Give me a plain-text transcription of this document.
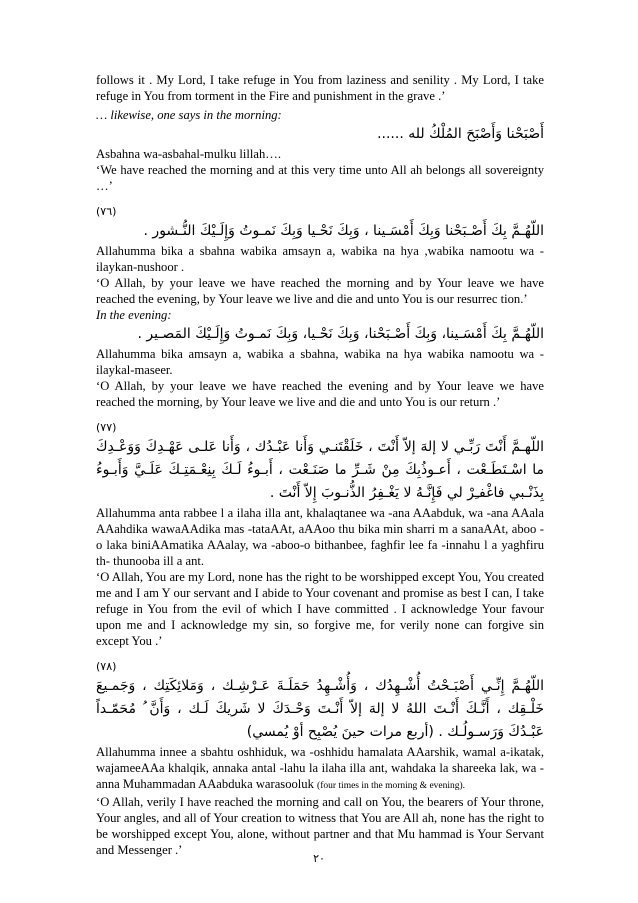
follows it . My Lord, I take refuge in You from laziness and senility . My Lord, I take refuge in You from torment in the Fire and punishment in the grave .’

… likewise, one says in the morning:

أَصْبَحْنا وَأَصْبَحَ المُلْكُ لله ......

Asbahna wa-asbahal-mulku lillah….

‘We have reached the morning and at this very time unto All ah belongs all sovereignty …’

(٧٦)

اللّهُـمَّ بِكَ أَصْـبَحْنا وَبِكَ أَمْسَـينا ، وَبِكَ نَحْـيا وَبِكَ نَمـوتُ وَإِلَـيْكَ النُّـشور .

Allahumma bika a sbahna wabika amsayn a, wabika na hya ,wabika namootu wa - ilaykan-nushoor .

‘O Allah, by your leave we have reached the morning and by Your leave we have reached the evening, by Your leave we live and die and unto You is our resurrec tion.’

In the evening:

اللّهُـمَّ بِكَ أَمْسَـينا، وَبِكَ أَصْـبَحْنا، وَبِكَ نَحْـيا، وَبِكَ نَمـوتُ وَإِلَـيْكَ المَصـير .

Allahumma bika amsayn a, wabika a sbahna, wabika na hya wabika namootu wa - ilaykal-maseer.

‘O Allah, by your leave we have reached the evening and by Your leave we have reached the morning, by Your leave we live and die and unto You is our return .’

(٧٧)

اللّهـمَّ أَنْتَ رَبِّـي لا إلهَ إلاّ أَنْتَ ، خَلَقْتَنـي وَأَنا عَبْـدُك ، وَأَنا عَلـى عَهْـدِكَ وَوَعْـدِكَ ما اسْـتَطَـعْت ، أَعـوذُبِكَ مِنْ شَـرِّ ما صَنَـعْت ، أَبـوءُ لَـكَ بِنِعْـمَتِـكَ عَلَـيَّ وَأَبـوءُ بِذَنْـبي فاغْفـِرْ لي فَإِنَّـهُ لا يَغْـفِرُ الذُّنـوبَ إِلاّ أَنْتَ .

Allahumma anta rabbee l a ilaha illa ant, khalaqtanee wa -ana AAabduk, wa -ana AAala AAahdika wawaAAdika mas -tataAAt, aAAoo thu bika min sharri m a sanaAAt, aboo -o laka biniAAmatika AAalay, wa -aboo-o bithanbee, faghfir lee fa -innahu l a yaghfiru th- thunooba ill a ant.

‘O Allah, You are my Lord, none has the right to be worshipped except You, You created me and I am Y our servant and I abide to Your covenant and promise as best I can, I take refuge in You from the evil of which I have committed . I acknowledge Your favour upon me and I acknowledge my sin, so forgive me, for verily none can forgive sin except You .’

(٧٨)

اللّهُـمَّ إِنِّـي أَصْبَـحْتُ أُشْـهِدُك ، وَأُشْـهِدُ حَمَلَـةَ عَـرْشِـك ، وَمَلائِكَتِك ، وَجَمـيعَ خَلْـقِك ، أَنَّـكَ أَنْـتَ اللهُ لا إلهَ إلاّ أَنْـتَ وَحْـدَكَ لا شَريكَ لَـك ، وَأَنَّ ُ مُحَمّـداً عَبْـدُكَ وَرَسـولُـك . (أربع مرات حينَ يُصْبِح أوْ يُمسي)

Allahumma innee a sbahtu oshhiduk, wa -oshhidu hamalata AAarshik, wamal a-ikatak, wajameeAAa khalqik, annaka antal -lahu la ilaha illa ant, wahdaka la shareeka lak, wa - anna Muhammadan AAabduka warasooluk (four times in the morning & evening).

‘O Allah, verily I have reached the morning and call on You, the bearers of Your throne, Your angles, and all of Your creation to witness that You are All ah, none has the right to be worshipped except You, alone, without partner and that Mu hammad is Your Servant and Messenger .’

٢٠
